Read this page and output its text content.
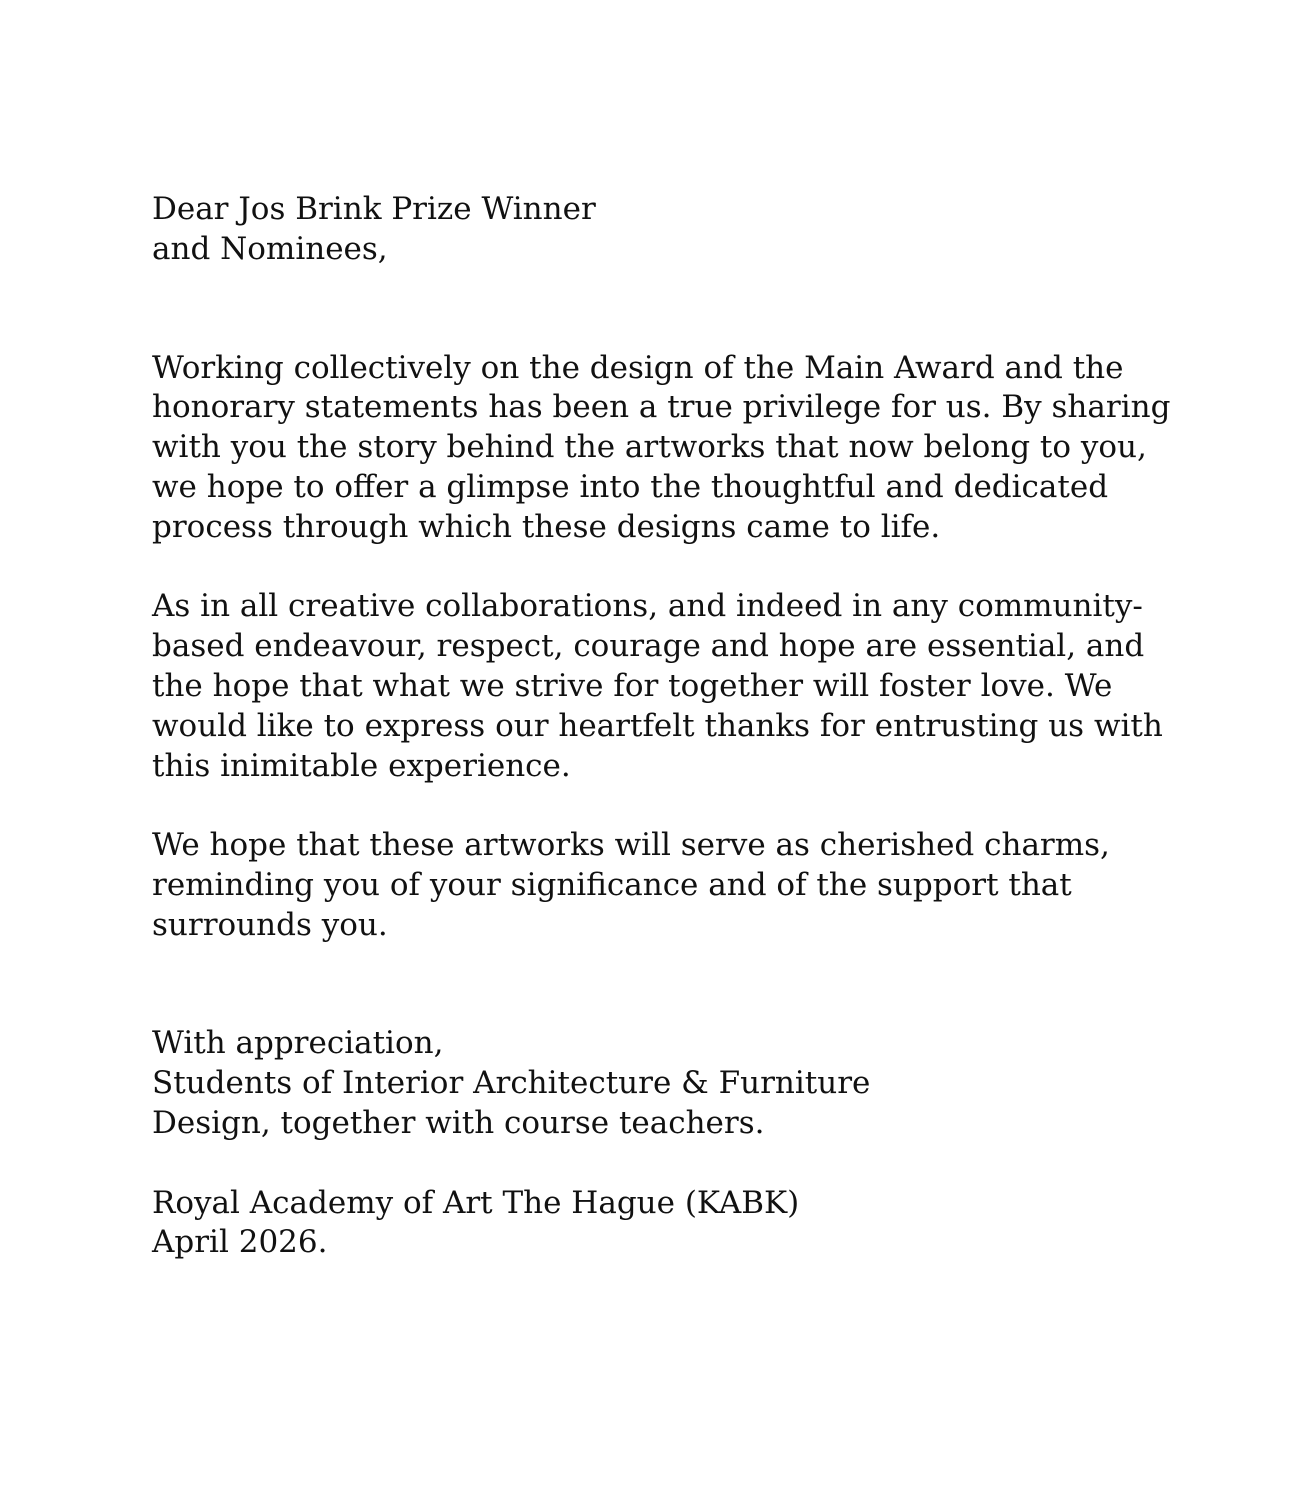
Dear Jos Brink Prize Winner
and Nominees,
Working collectively on the design of the Main Award and the
honorary statements has been a true privilege for us. By sharing
with you the story behind the artworks that now belong to you,
we hope to offer a glimpse into the thoughtful and dedicated
process through which these designs came to life.
As in all creative collaborations, and indeed in any community-
based endeavour, respect, courage and hope are essential, and
the hope that what we strive for together will foster love. We
would like to express our heartfelt thanks for entrusting us with
this inimitable experience.
We hope that these artworks will serve as cherished charms,
reminding you of your significance and of the support that
surrounds you.
With appreciation,
Students of Interior Architecture & Furniture
Design, together with course teachers.
Royal Academy of Art The Hague (KABK)
April 2026.
